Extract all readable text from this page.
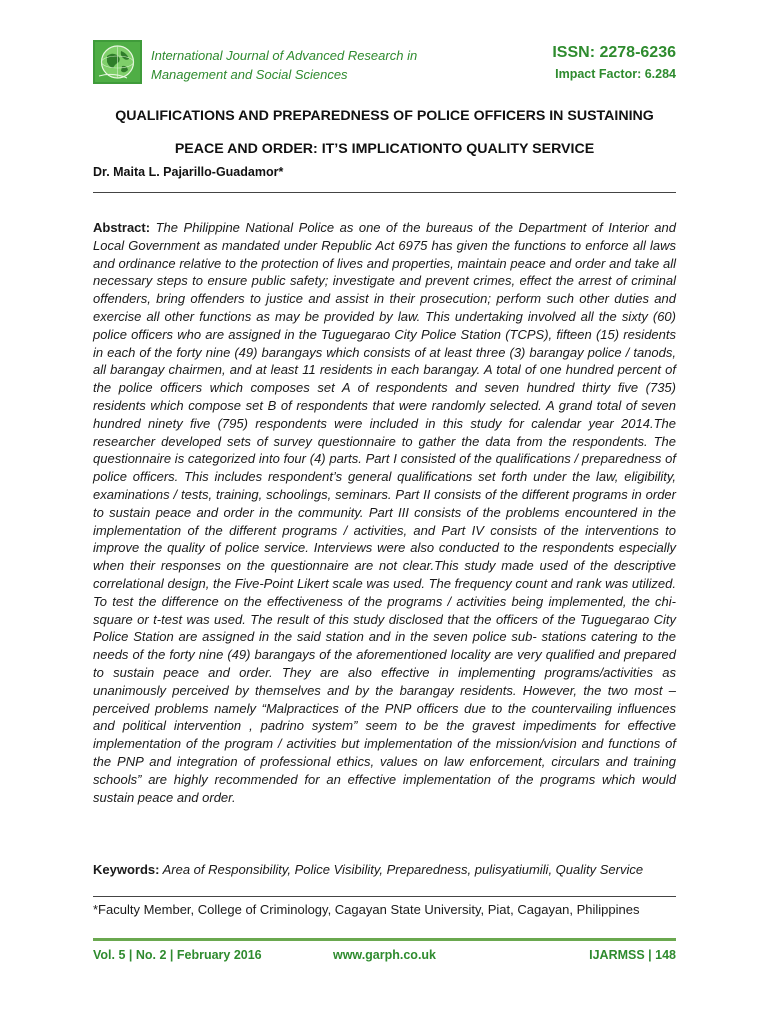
International Journal of Advanced Research in
Management and Social Sciences
ISSN: 2278-6236
Impact Factor: 6.284
QUALIFICATIONS AND PREPAREDNESS OF POLICE OFFICERS IN SUSTAINING
PEACE AND ORDER: IT’S IMPLICATIONTO QUALITY SERVICE
Dr. Maita L. Pajarillo-Guadamor*
Abstract: The Philippine National Police as one of the bureaus of the Department of Interior and Local Government as mandated under Republic Act 6975 has given the functions to enforce all laws and ordinance relative to the protection of lives and properties, maintain peace and order and take all necessary steps to ensure public safety; investigate and prevent crimes, effect the arrest of criminal offenders, bring offenders to justice and assist in their prosecution; perform such other duties and exercise all other functions as may be provided by law. This undertaking involved all the sixty (60) police officers who are assigned in the Tuguegarao City Police Station (TCPS), fifteen (15) residents in each of the forty nine (49) barangays which consists of at least three (3) barangay police / tanods, all barangay chairmen, and at least 11 residents in each barangay. A total of one hundred percent of the police officers which composes set A of respondents and seven hundred thirty five (735) residents which compose set B of respondents that were randomly selected. A grand total of seven hundred ninety five (795) respondents were included in this study for calendar year 2014.The researcher developed sets of survey questionnaire to gather the data from the respondents. The questionnaire is categorized into four (4) parts. Part I consisted of the qualifications / preparedness of police officers. This includes respondent’s general qualifications set forth under the law, eligibility, examinations / tests, training, schoolings, seminars. Part II consists of the different programs in order to sustain peace and order in the community. Part III consists of the problems encountered in the implementation of the different programs / activities, and Part IV consists of the interventions to improve the quality of police service. Interviews were also conducted to the respondents especially when their responses on the questionnaire are not clear.This study made used of the descriptive correlational design, the Five-Point Likert scale was used. The frequency count and rank was utilized. To test the difference on the effectiveness of the programs / activities being implemented, the chi-square or t-test was used. The result of this study disclosed that the officers of the Tuguegarao City Police Station are assigned in the said station and in the seven police sub- stations catering to the needs of the forty nine (49) barangays of the aforementioned locality are very qualified and prepared to sustain peace and order. They are also effective in implementing programs/activities as unanimously perceived by themselves and by the barangay residents. However, the two most – perceived problems namely “Malpractices of the PNP officers due to the countervailing influences and political intervention , padrino system” seem to be the gravest impediments for effective implementation of the program / activities but implementation of the mission/vision and functions of the PNP and integration of professional ethics, values on law enforcement, circulars and training schools” are highly recommended for an effective implementation of the programs which would sustain peace and order.
Keywords: Area of Responsibility, Police Visibility, Preparedness, pulisyatiumili, Quality Service
*Faculty Member, College of Criminology, Cagayan State University, Piat, Cagayan, Philippines
Vol. 5 | No. 2 | February 2016	www.garph.co.uk	IJARMSS | 148
